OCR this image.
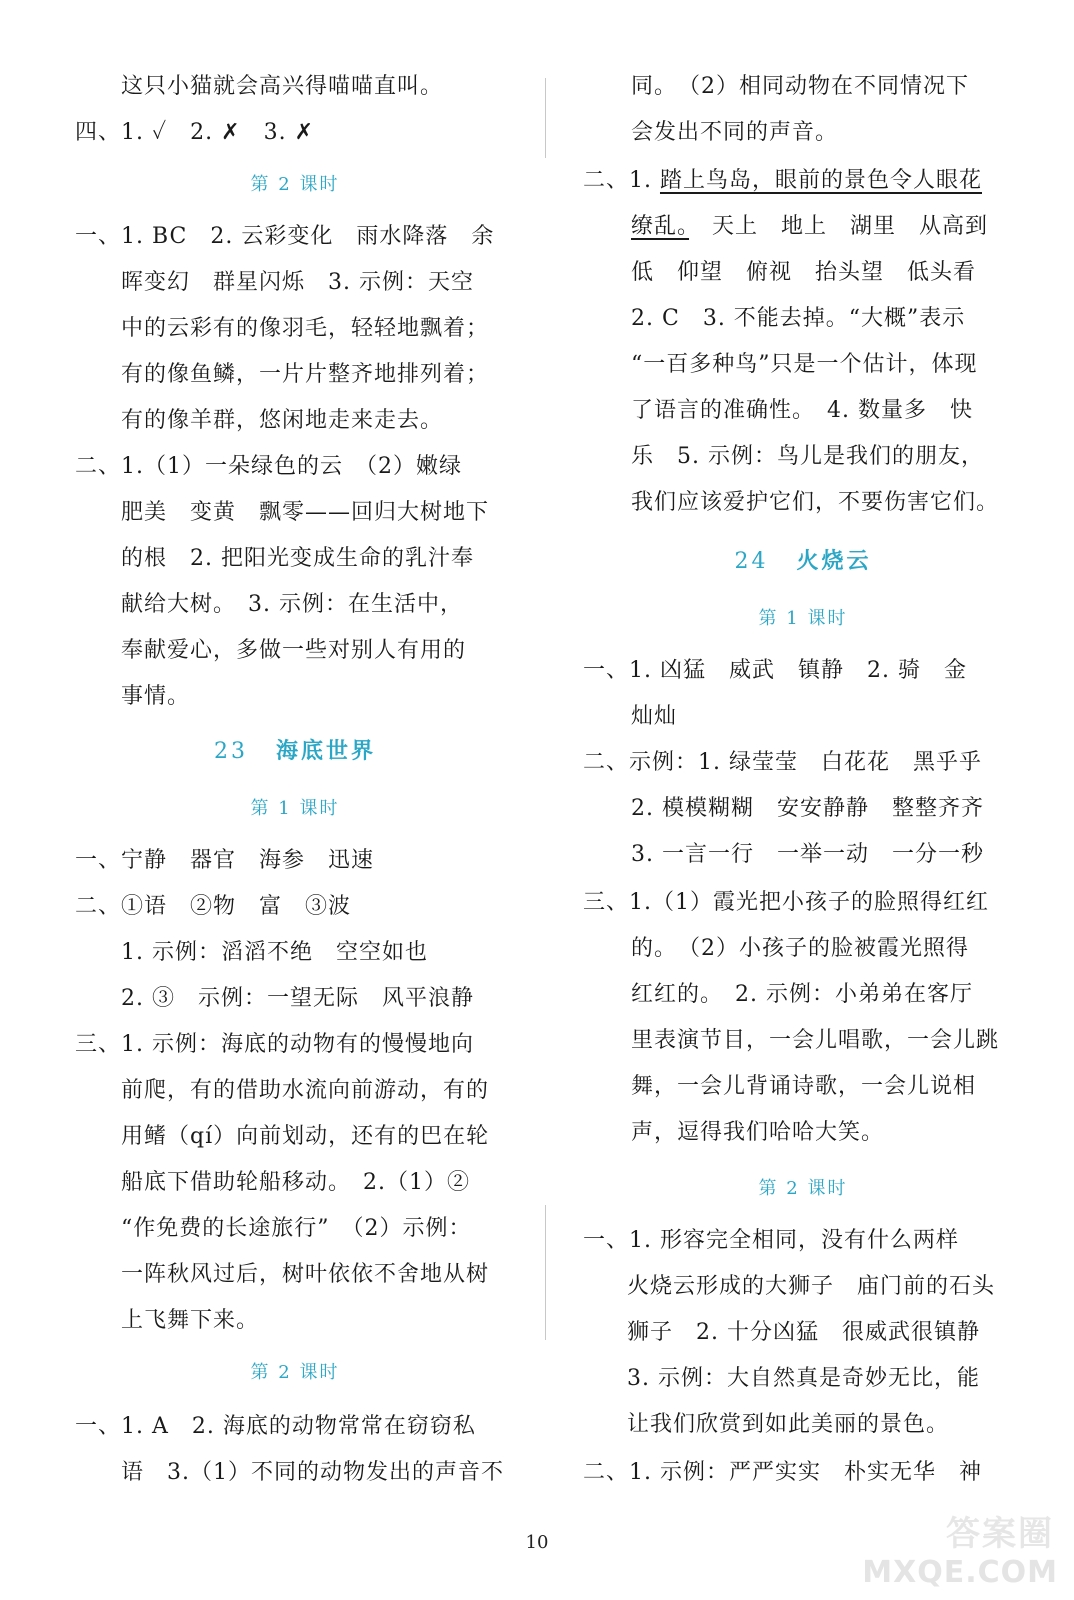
这只小猫就会高兴得喵喵直叫。
四、1. ✓　2. ✗　3. ✗
第 2 课时
一、1. BC　2. 云彩变化　雨水降落　余
晖变幻　群星闪烁　3. 示例：天空
中的云彩有的像羽毛，轻轻地飘着；
有的像鱼鳞，一片片整齐地排列着；
有的像羊群，悠闲地走来走去。
二、1.（1）一朵绿色的云　（2）嫩绿
肥美　变黄　飘零——回归大树地下
的根　2. 把阳光变成生命的乳汁奉
献给大树。　3. 示例：在生活中，
奉献爱心，多做一些对别人有用的
事情。
23 海底世界
第 1 课时
一、宁静　器官　海参　迅速
二、①语　②物　富　③波
1. 示例：滔滔不绝　空空如也
2. ③　示例：一望无际　风平浪静
三、1. 示例：海底的动物有的慢慢地向
前爬，有的借助水流向前游动，有的
用鳍（qí）向前划动，还有的巴在轮
船底下借助轮船移动。　2.（1）②
“作免费的长途旅行”　（2）示例：
一阵秋风过后，树叶依依不舍地从树
上飞舞下来。
第 2 课时
一、1. A　2. 海底的动物常常在窃窃私
语　3.（1）不同的动物发出的声音不
同。　（2）相同动物在不同情况下
会发出不同的声音。
二、1. 踏上鸟岛，眼前的景色令人眼花
缭乱。　天上　地上　湖里　从高到
低　仰望　俯视　抬头望　低头看
2. C　3. 不能去掉。“大概”表示
“一百多种鸟”只是一个估计，体现
了语言的准确性。　4. 数量多　快
乐　5. 示例：鸟儿是我们的朋友，
我们应该爱护它们，不要伤害它们。
24 火烧云
第 1 课时
一、1. 凶猛　威武　镇静　2. 骑　金
灿灿
二、示例：1. 绿莹莹　白花花　黑乎乎
2. 模模糊糊　安安静静　整整齐齐
3. 一言一行　一举一动　一分一秒
三、1.（1）霞光把小孩子的脸照得红红
的。　（2）小孩子的脸被霞光照得
红红的。　2. 示例：小弟弟在客厅
里表演节目，一会儿唱歌，一会儿跳
舞，一会儿背诵诗歌，一会儿说相
声，逗得我们哈哈大笑。
第 2 课时
一、1. 形容完全相同，没有什么两样
火烧云形成的大狮子　庙门前的石头
狮子　2. 十分凶猛　很威武很镇静
3. 示例：大自然真是奇妙无比，能
让我们欣赏到如此美丽的景色。
二、1. 示例：严严实实　朴实无华　神
10	答案圈
MXQE.COM
